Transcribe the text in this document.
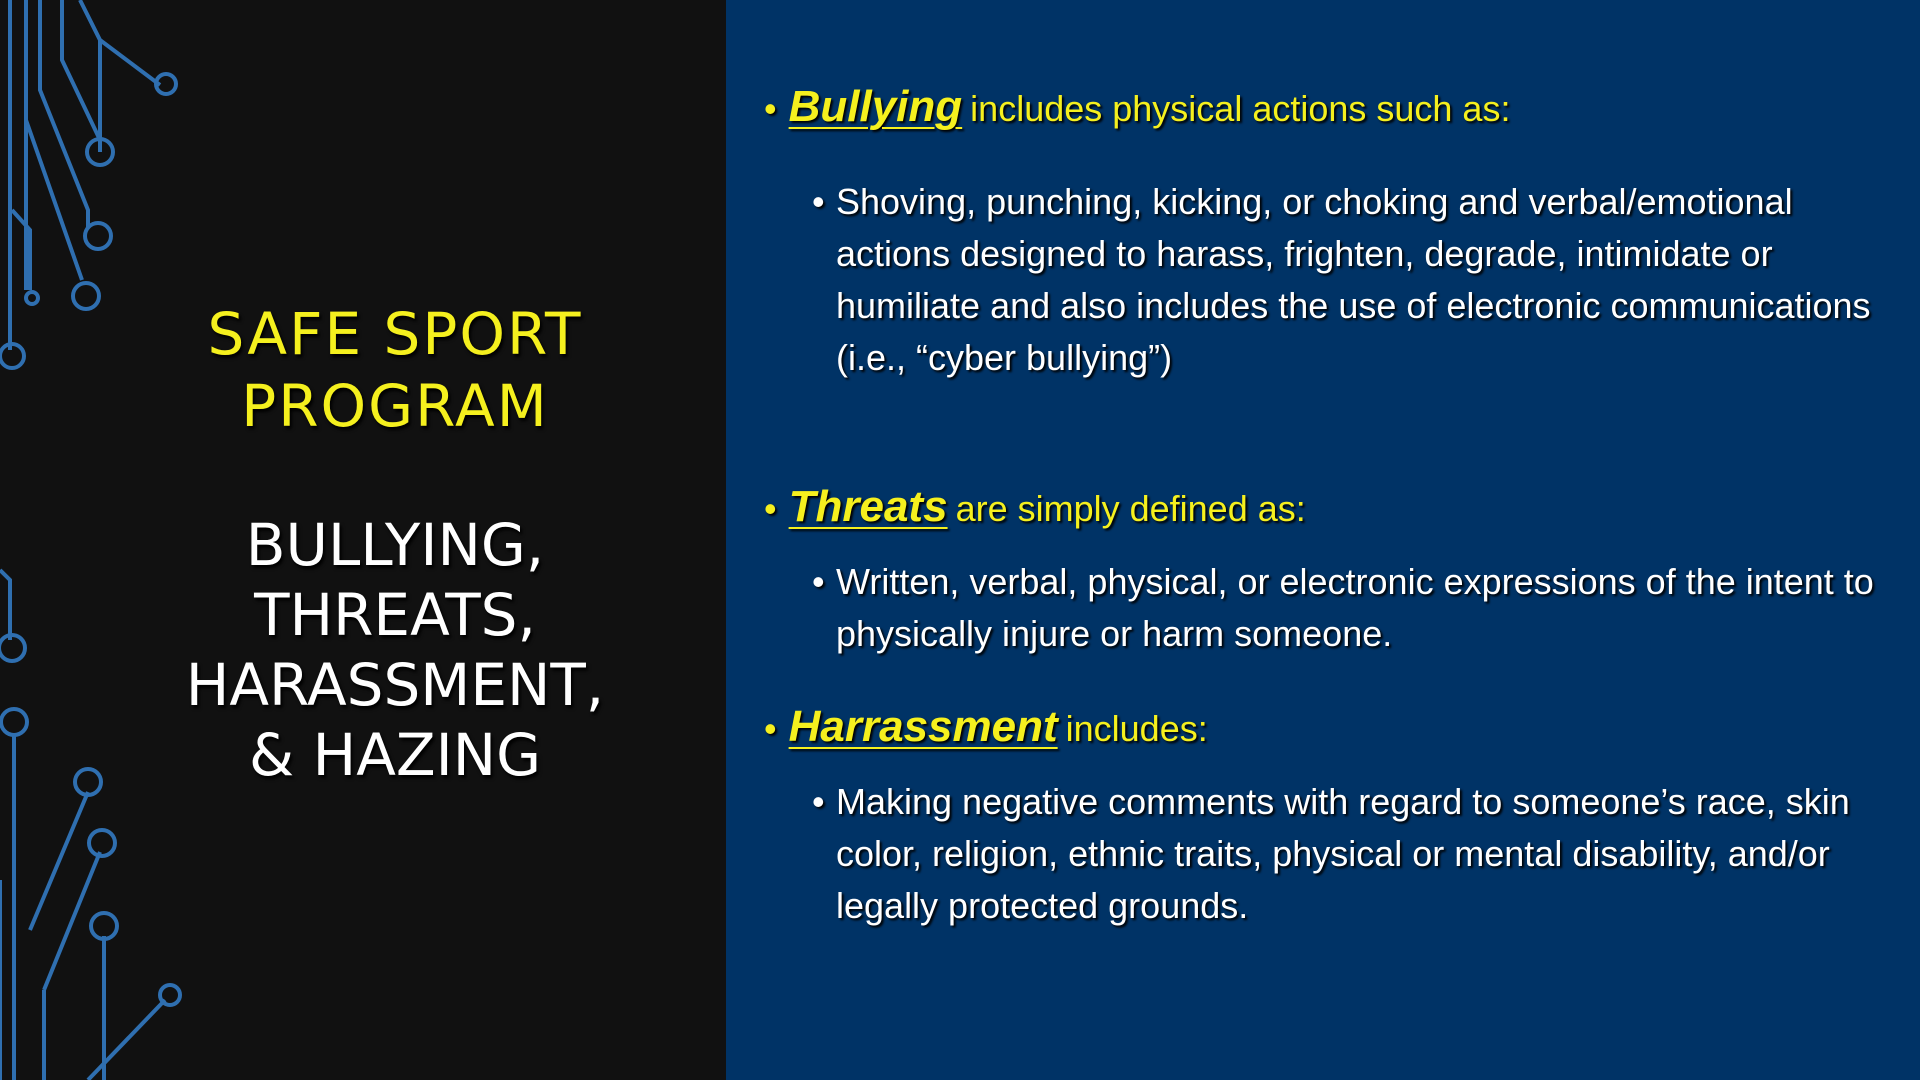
SAFE SPORT
PROGRAM
BULLYING,
THREATS,
HARASSMENT,
& HAZING
• Bullying includes physical actions such as:
• Shoving, punching, kicking, or choking and verbal/emotional actions designed to harass, frighten, degrade, intimidate or humiliate and also includes the use of electronic communications (i.e., “cyber bullying”)
• Threats are simply defined as:
• Written, verbal, physical, or electronic expressions of the intent to physically injure or harm someone.
• Harrassment includes:
• Making negative comments with regard to someone’s race, skin color, religion, ethnic traits, physical or mental disability, and/or legally protected grounds.
